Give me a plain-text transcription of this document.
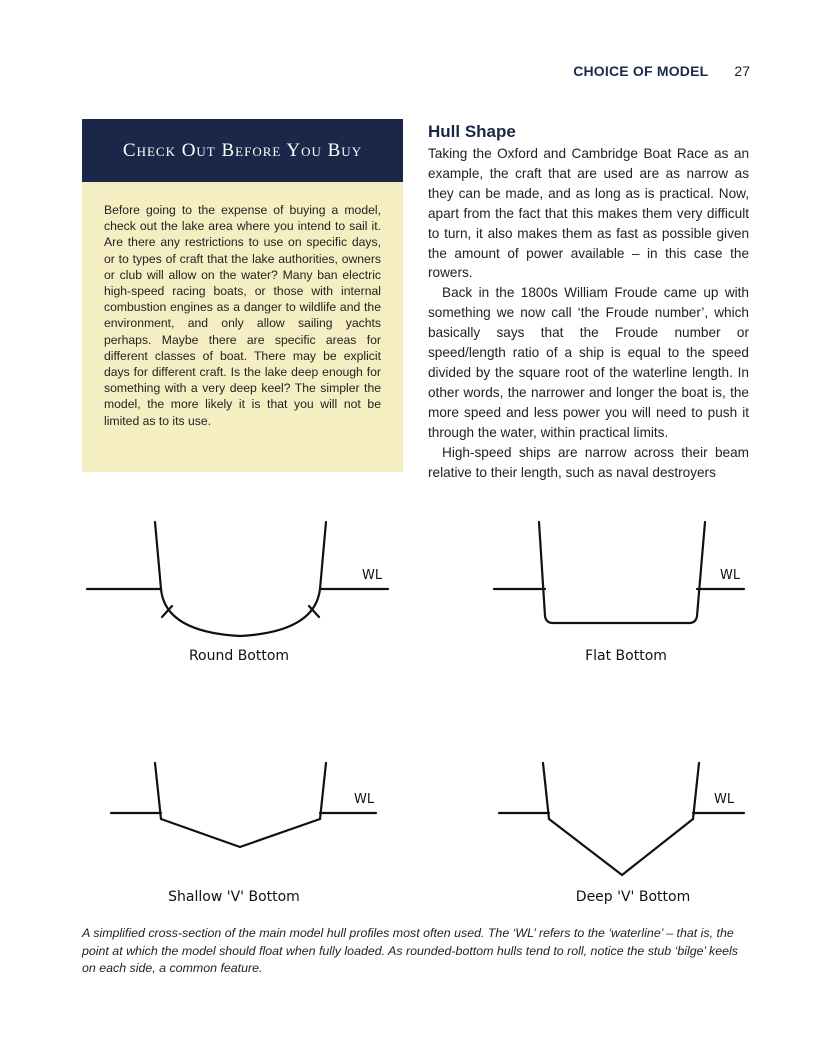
CHOICE OF MODEL 27
Check Out Before You Buy
Before going to the expense of buying a model, check out the lake area where you intend to sail it. Are there any restrictions to use on specific days, or to types of craft that the lake authorities, owners or club will allow on the water? Many ban electric high-speed racing boats, or those with internal combustion engines as a danger to wildlife and the environment, and only allow sailing yachts perhaps. Maybe there are specific areas for different classes of boat. There may be explicit days for different craft. Is the lake deep enough for something with a very deep keel? The simpler the model, the more likely it is that you will not be limited as to its use.
Hull Shape

Taking the Oxford and Cambridge Boat Race as an example, the craft that are used are as narrow as they can be made, and as long as is practical. Now, apart from the fact that this makes them very difficult to turn, it also makes them as fast as possible given the amount of power available – in this case the rowers.

Back in the 1800s William Froude came up with something we now call ‘the Froude number’, which basically says that the Froude number or speed/length ratio of a ship is equal to the speed divided by the square root of the waterline length. In other words, the narrower and longer the boat is, the more speed and less power you will need to push it through the water, within practical limits.

High-speed ships are narrow across their beam relative to their length, such as naval destroyers

WL
Round Bottom
WL
Flat Bottom
WL
Shallow 'V' Bottom
WL
Deep 'V' Bottom
A simplified cross-section of the main model hull profiles most often used. The ‘WL’ refers to the ‘waterline’ – that is, the point at which the model should float when fully loaded. As rounded-bottom hulls tend to roll, notice the stub ‘bilge’ keels on each side, a common feature.
